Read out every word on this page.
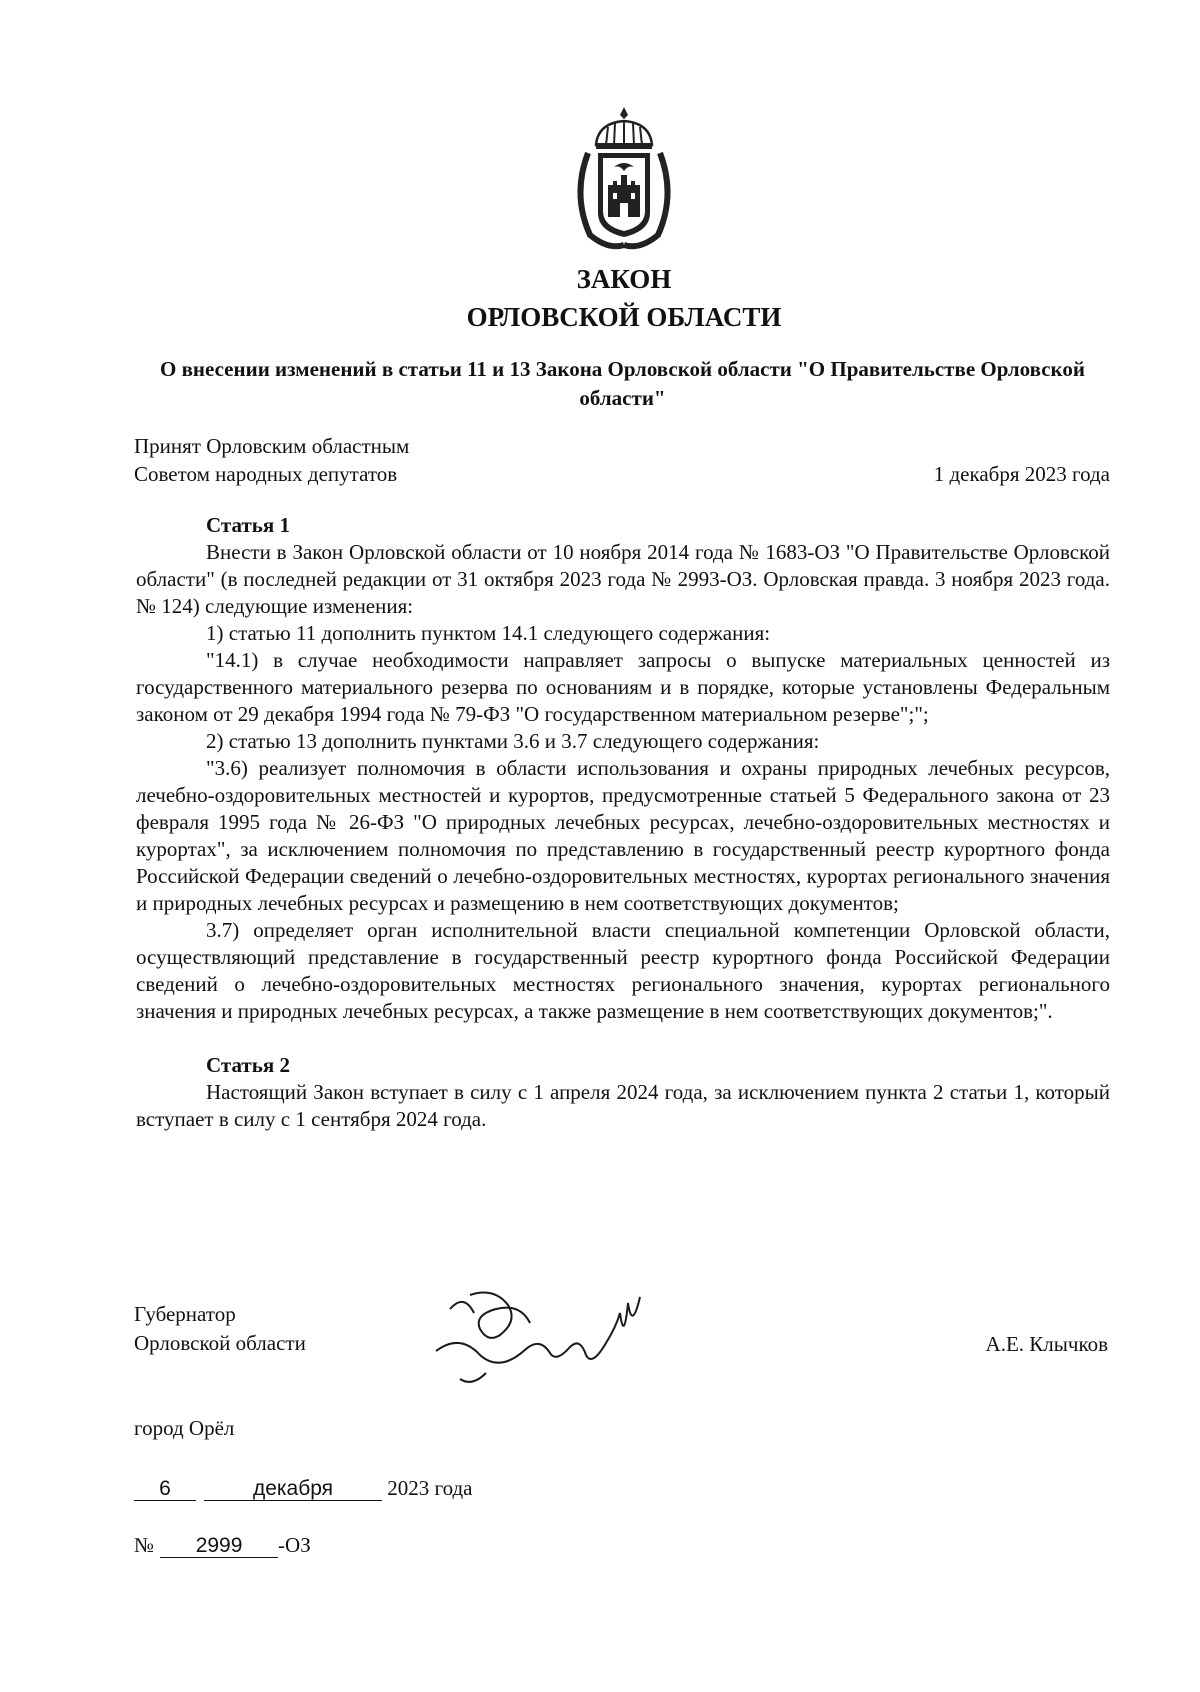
ЗАКОН
ОРЛОВСКОЙ ОБЛАСТИ
О внесении изменений в статьи 11 и 13 Закона Орловской области "О Правительстве Орловской области"
Принят Орловским областным
Советом народных депутатов	1 декабря 2023 года

Статья 1

Внести в Закон Орловской области от 10 ноября 2014 года № 1683-ОЗ "О Правительстве Орловской области" (в последней редакции от 31 октября 2023 года № 2993-ОЗ. Орловская правда. 3 ноября 2023 года. № 124) следующие изменения:

1) статью 11 дополнить пунктом 14.1 следующего содержания:

"14.1) в случае необходимости направляет запросы о выпуске материальных ценностей из государственного материального резерва по основаниям и в порядке, которые установлены Федеральным законом от 29 декабря 1994 года № 79-ФЗ "О государственном материальном резерве";";

2) статью 13 дополнить пунктами 3.6 и 3.7 следующего содержания:

"3.6) реализует полномочия в области использования и охраны природных лечебных ресурсов, лечебно-оздоровительных местностей и курортов, предусмотренные статьей 5 Федерального закона от 23 февраля 1995 года № 26-ФЗ "О природных лечебных ресурсах, лечебно-оздоровительных местностях и курортах", за исключением полномочия по представлению в государственный реестр курортного фонда Российской Федерации сведений о лечебно-оздоровительных местностях, курортах регионального значения и природных лечебных ресурсах и размещению в нем соответствующих документов;

3.7) определяет орган исполнительной власти специальной компетенции Орловской области, осуществляющий представление в государственный реестр курортного фонда Российской Федерации сведений о лечебно-оздоровительных местностях регионального значения, курортах регионального значения и природных лечебных ресурсах, а также размещение в нем соответствующих документов;".

Статья 2

Настоящий Закон вступает в силу с 1 апреля 2024 года, за исключением пункта 2 статьи 1, который вступает в силу с 1 сентября 2024 года.

Губернатор
Орловской области	А.Е. Клычков
город Орёл
6	декабря	2023 года
№ 2999 -ОЗ
